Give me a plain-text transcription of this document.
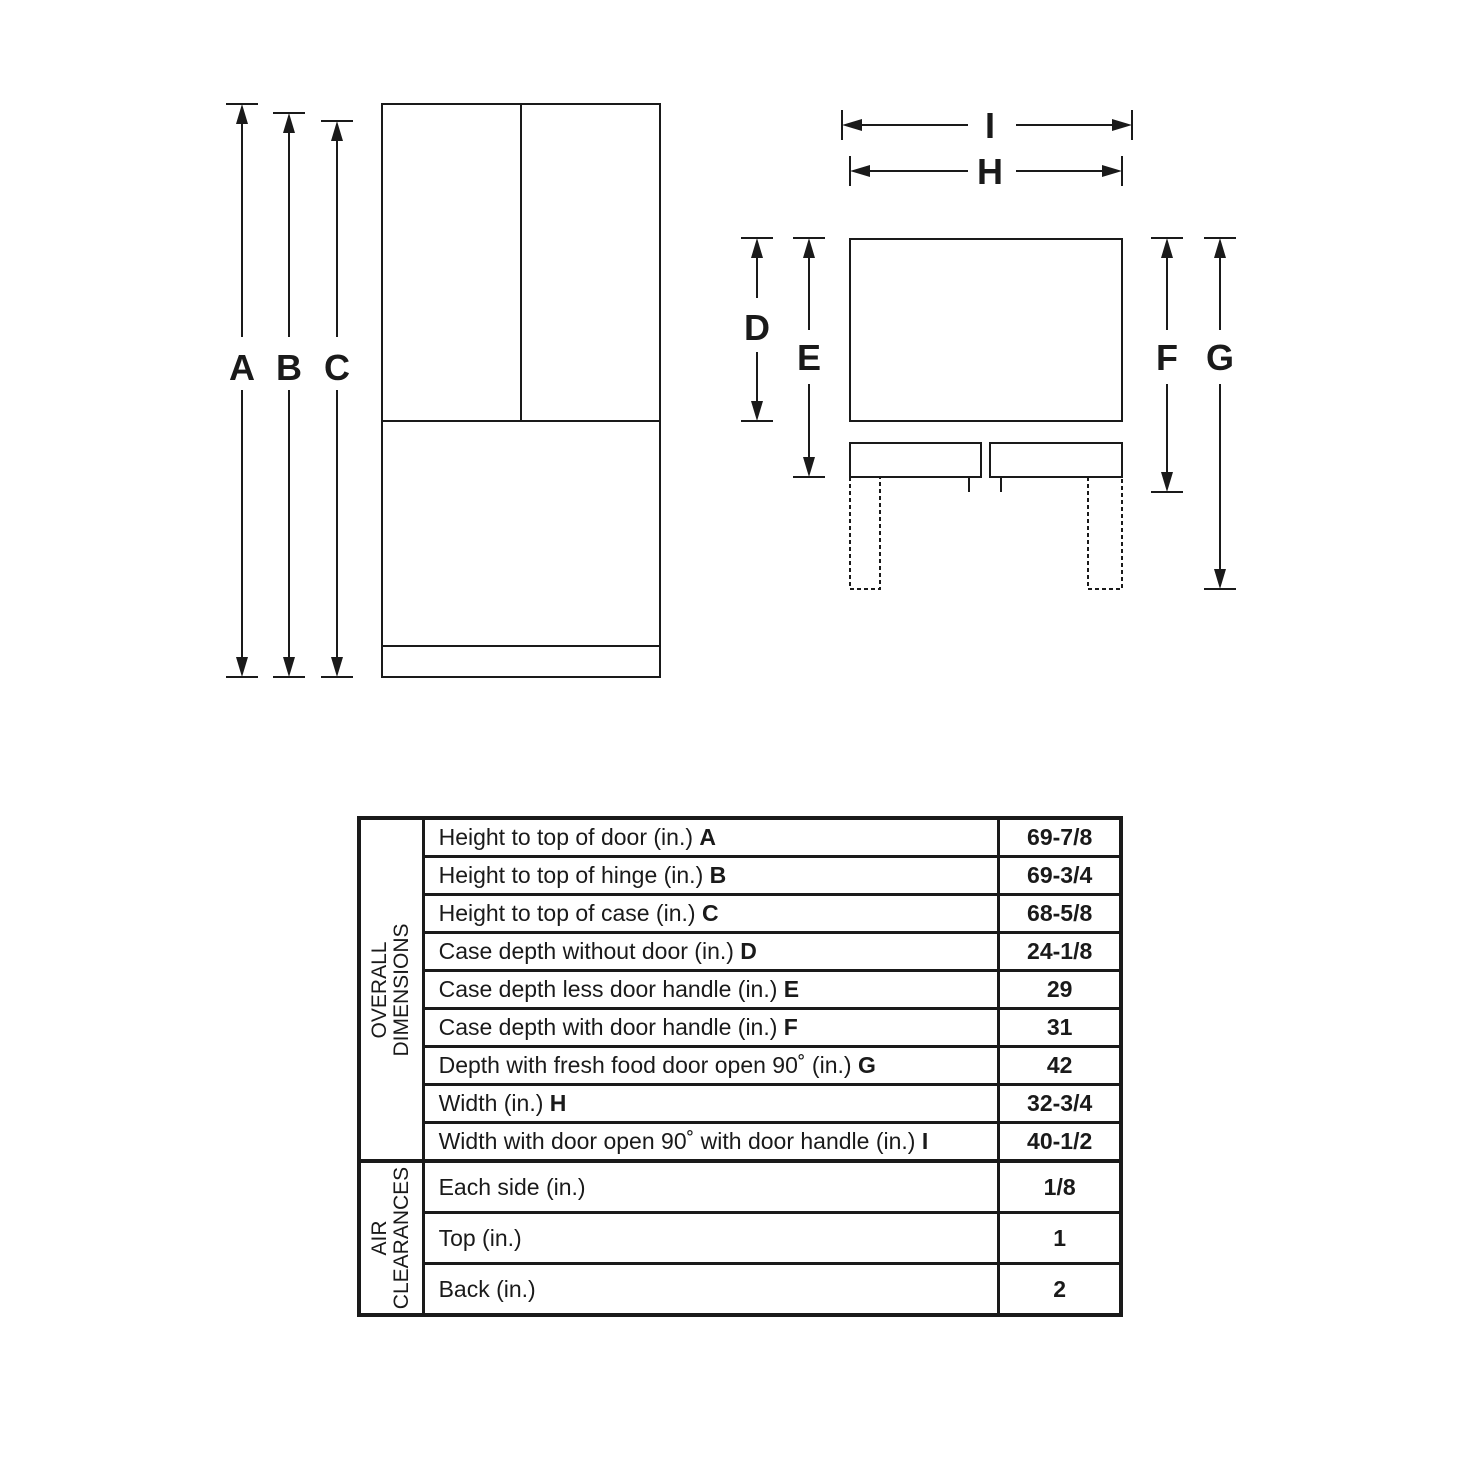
A B C
I
H
D
E	F G
OVERALL DIMENSIONS	Height to top of door (in.) A	69-7/8
	Height to top of hinge (in.) B	69-3/4
	Height to top of case (in.) C	68-5/8
	Case depth without door (in.) D	24-1/8
	Case depth less door handle (in.) E	29
	Case depth with door handle (in.) F	31
	Depth with fresh food door open 90˚ (in.) G	42
	Width (in.) H	32-3/4
	Width with door open 90˚ with door handle (in.) I	40-1/2

AIR CLEARANCES	Each side (in.)	1/8
	Top (in.)	1
	Back (in.)	2
